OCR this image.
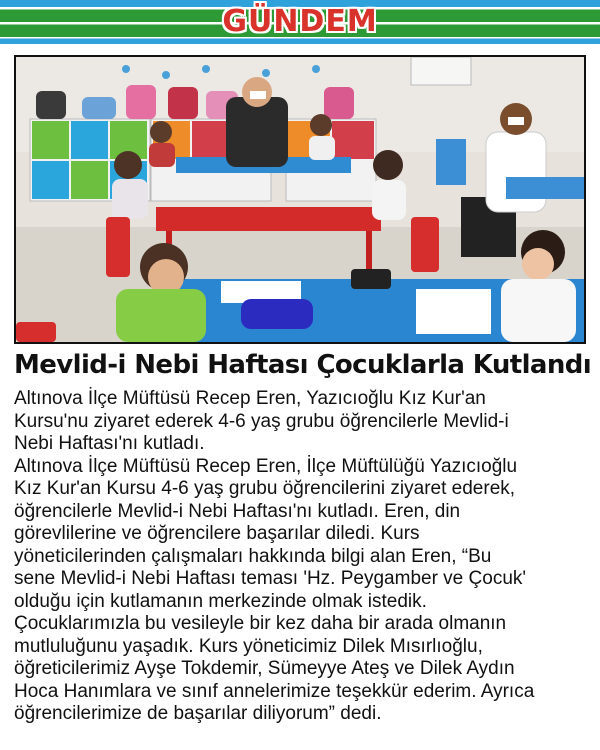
GÜNDEM
Mevlid-i Nebi Haftası Çocuklarla Kutlandı
Altınova İlçe Müftüsü Recep Eren, Yazıcıoğlu Kız Kur'an
Kursu'nu ziyaret ederek 4-6 yaş grubu öğrencilerle Mevlid-i
Nebi Haftası'nı kutladı.
Altınova İlçe Müftüsü Recep Eren, İlçe Müftülüğü Yazıcıoğlu
Kız Kur'an Kursu 4-6 yaş grubu öğrencilerini ziyaret ederek,
öğrencilerle Mevlid-i Nebi Haftası'nı kutladı. Eren, din
görevlilerine ve öğrencilere başarılar diledi. Kurs
yöneticilerinden çalışmaları hakkında bilgi alan Eren, “Bu
sene Mevlid-i Nebi Haftası teması 'Hz. Peygamber ve Çocuk'
olduğu için kutlamanın merkezinde olmak istedik.
Çocuklarımızla bu vesileyle bir kez daha bir arada olmanın
mutluluğunu yaşadık. Kurs yöneticimiz Dilek Mısırlıoğlu,
öğreticilerimiz Ayşe Tokdemir, Sümeyye Ateş ve Dilek Aydın
Hoca Hanımlara ve sınıf annelerimize teşekkür ederim. Ayrıca
öğrencilerimize de başarılar diliyorum” dedi.
